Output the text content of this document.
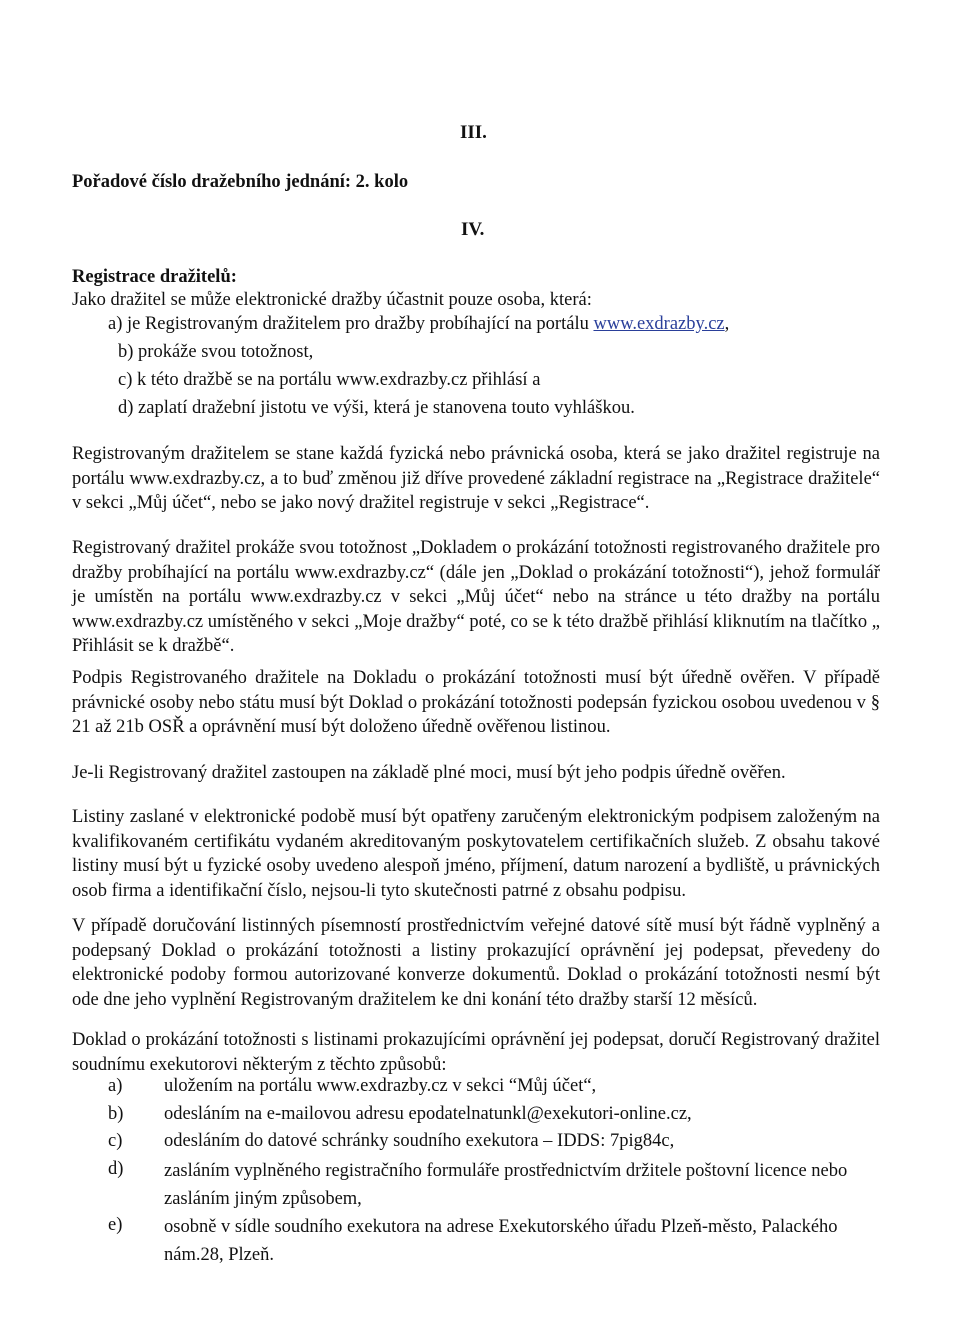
III.

Pořadové číslo dražebního jednání: 2. kolo

IV.

Registrace dražitelů:

Jako dražitel se může elektronické dražby účastnit pouze osoba, která:

a) je Registrovaným dražitelem pro dražby probíhající na portálu www.exdrazby.cz,

b) prokáže svou totožnost,

c) k této dražbě se na portálu www.exdrazby.cz přihlásí a

d) zaplatí dražební jistotu ve výši, která je stanovena touto vyhláškou.

Registrovaným dražitelem se stane každá fyzická nebo právnická osoba, která se jako dražitel registruje na portálu www.exdrazby.cz, a to buď změnou již dříve provedené základní registrace na „Registrace dražitele“ v sekci „Můj účet“, nebo se jako nový dražitel registruje v sekci „Registrace“.

Registrovaný dražitel prokáže svou totožnost „Dokladem o prokázání totožnosti registrovaného dražitele pro dražby probíhající na portálu www.exdrazby.cz“ (dále jen „Doklad o prokázání totožnosti“), jehož formulář je umístěn na portálu www.exdrazby.cz v sekci „Můj účet“ nebo na stránce u této dražby na portálu www.exdrazby.cz umístěného v sekci „Moje dražby“ poté, co se k této dražbě přihlásí kliknutím na tlačítko „ Přihlásit se k dražbě“.

Podpis Registrovaného dražitele na Dokladu o prokázání totožnosti musí být úředně ověřen. V případě právnické osoby nebo státu musí být Doklad o prokázání totožnosti podepsán fyzickou osobou uvedenou v § 21 až 21b OSŘ a oprávnění musí být doloženo úředně ověřenou listinou.

Je-li Registrovaný dražitel zastoupen na základě plné moci, musí být jeho podpis úředně ověřen.

Listiny zaslané v elektronické podobě musí být opatřeny zaručeným elektronickým podpisem založeným na kvalifikovaném certifikátu vydaném akreditovaným poskytovatelem certifikačních služeb. Z obsahu takové listiny musí být u fyzické osoby uvedeno alespoň jméno, příjmení, datum narození a bydliště, u právnických osob firma a identifikační číslo, nejsou-li tyto skutečnosti patrné z obsahu podpisu.

V případě doručování listinných písemností prostřednictvím veřejné datové sítě musí být řádně vyplněný a podepsaný Doklad o prokázání totožnosti a listiny prokazující oprávnění jej podepsat, převedeny do elektronické podoby formou autorizované konverze dokumentů. Doklad o prokázání totožnosti nesmí být ode dne jeho vyplnění Registrovaným dražitelem ke dni konání této dražby starší 12 měsíců.

Doklad o prokázání totožnosti s listinami prokazujícími oprávnění jej podepsat, doručí Registrovaný dražitel soudnímu exekutorovi některým z těchto způsobů:

a) uložením na portálu www.exdrazby.cz v sekci “Můj účet“,
b) odesláním na e-mailovou adresu epodatelnatunkl@exekutori-online.cz,
c) odesláním do datové schránky soudního exekutora – IDDS: 7pig84c,
d) zasláním vyplněného registračního formuláře prostřednictvím držitele poštovní licence nebo zasláním jiným způsobem,
e) osobně v sídle soudního exekutora na adrese Exekutorského úřadu Plzeň-město, Palackého nám.28, Plzeň.
